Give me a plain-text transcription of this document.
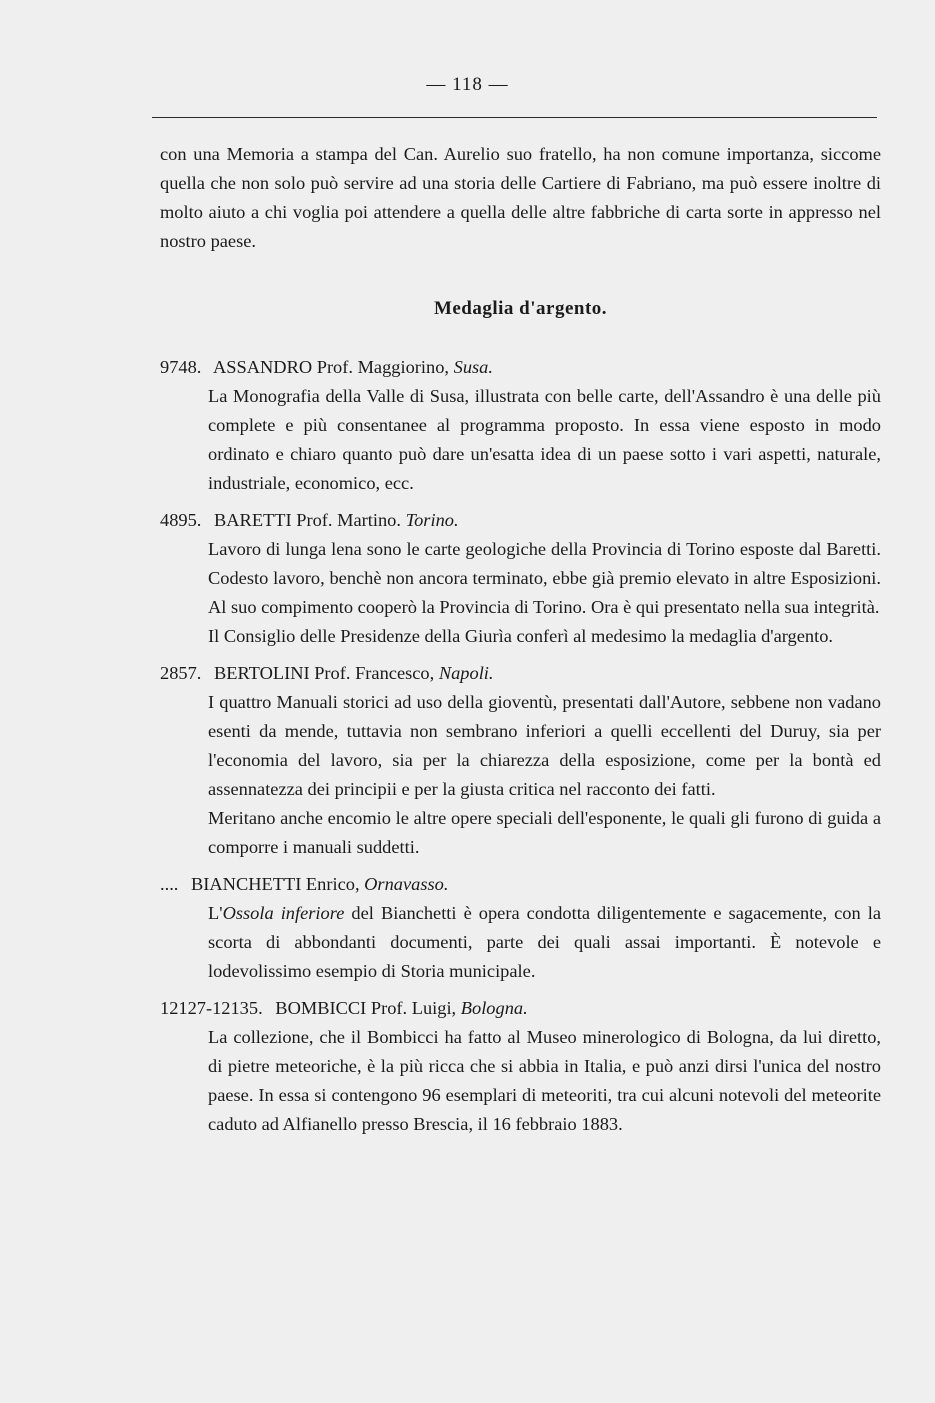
— 118 —

con una Memoria a stampa del Can. Aurelio suo fratello, ha non comune importanza, siccome quella che non solo può servire ad una storia delle Cartiere di Fabriano, ma può essere inoltre di molto aiuto a chi voglia poi attendere a quella delle altre fabbriche di carta sorte in appresso nel nostro paese.

Medaglia d'argento.

9748. ASSANDRO Prof. Maggiorino, Susa.

La Monografia della Valle di Susa, illustrata con belle carte, dell'Assandro è una delle più complete e più consentanee al programma proposto. In essa viene esposto in modo ordinato e chiaro quanto può dare un'esatta idea di un paese sotto i vari aspetti, naturale, industriale, economico, ecc.

4895. BARETTI Prof. Martino. Torino.

Lavoro di lunga lena sono le carte geologiche della Provincia di Torino esposte dal Baretti. Codesto lavoro, benchè non ancora terminato, ebbe già premio elevato in altre Esposizioni. Al suo compimento cooperò la Provincia di Torino. Ora è qui presentato nella sua integrità.

Il Consiglio delle Presidenze della Giurìa conferì al medesimo la medaglia d'argento.

2857. BERTOLINI Prof. Francesco, Napoli.

I quattro Manuali storici ad uso della gioventù, presentati dall'Autore, sebbene non vadano esenti da mende, tuttavia non sembrano inferiori a quelli eccellenti del Duruy, sia per l'economia del lavoro, sia per la chiarezza della esposizione, come per la bontà ed assennatezza dei principii e per la giusta critica nel racconto dei fatti.

Meritano anche encomio le altre opere speciali dell'esponente, le quali gli furono di guida a comporre i manuali suddetti.

.... BIANCHETTI Enrico, Ornavasso.

L'Ossola inferiore del Bianchetti è opera condotta diligentemente e sagacemente, con la scorta di abbondanti documenti, parte dei quali assai importanti. È notevole e lodevolissimo esempio di Storia municipale.

12127-12135. BOMBICCI Prof. Luigi, Bologna.

La collezione, che il Bombicci ha fatto al Museo minerologico di Bologna, da lui diretto, di pietre meteoriche, è la più ricca che si abbia in Italia, e può anzi dirsi l'unica del nostro paese. In essa si contengono 96 esemplari di meteoriti, tra cui alcuni notevoli del meteorite caduto ad Alfianello presso Brescia, il 16 febbraio 1883.
